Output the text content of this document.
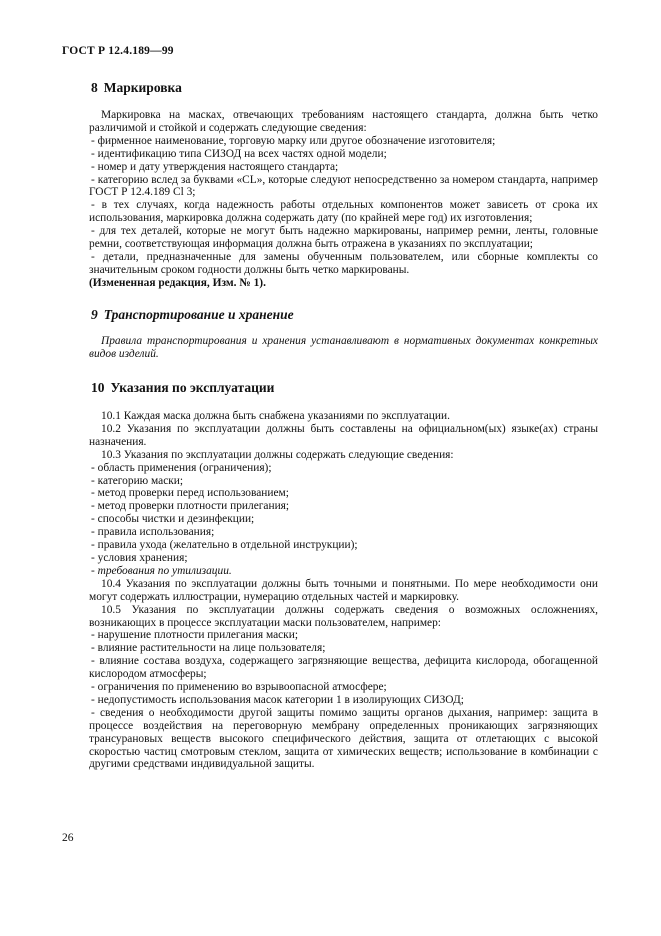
ГОСТ Р 12.4.189—99
8 Маркировка

Маркировка на масках, отвечающих требованиям настоящего стандарта, должна быть четко различимой и стойкой и содержать следующие сведения:

- фирменное наименование, торговую марку или другое обозначение изготовителя;

- идентификацию типа СИЗОД на всех частях одной модели;

- номер и дату утверждения настоящего стандарта;

- категорию вслед за буквами «CL», которые следуют непосредственно за номером стандарта, например ГОСТ Р 12.4.189 Cl 3;

- в тех случаях, когда надежность работы отдельных компонентов может зависеть от срока их использования, маркировка должна содержать дату (по крайней мере год) их изготовления;

- для тех деталей, которые не могут быть надежно маркированы, например ремни, ленты, головные ремни, соответствующая информация должна быть отражена в указаниях по эксплуатации;

- детали, предназначенные для замены обученным пользователем, или сборные комплекты со значительным сроком годности должны быть четко маркированы.

(Измененная редакция, Изм. № 1).

9 Транспортирование и хранение

Правила транспортирования и хранения устанавливают в нормативных документах конкретных видов изделий.

10 Указания по эксплуатации

10.1 Каждая маска должна быть снабжена указаниями по эксплуатации.

10.2 Указания по эксплуатации должны быть составлены на официальном(ых) языке(ах) страны назначения.

10.3 Указания по эксплуатации должны содержать следующие сведения:

- область применения (ограничения);

- категорию маски;

- метод проверки перед использованием;

- метод проверки плотности прилегания;

- способы чистки и дезинфекции;

- правила использования;

- правила ухода (желательно в отдельной инструкции);

- условия хранения;

- требования по утилизации.

10.4 Указания по эксплуатации должны быть точными и понятными. По мере необходимости они могут содержать иллюстрации, нумерацию отдельных частей и маркировку.

10.5 Указания по эксплуатации должны содержать сведения о возможных осложнениях, возникающих в процессе эксплуатации маски пользователем, например:

- нарушение плотности прилегания маски;

- влияние растительности на лице пользователя;

- влияние состава воздуха, содержащего загрязняющие вещества, дефицита кислорода, обогащенной кислородом атмосферы;

- ограничения по применению во взрывоопасной атмосфере;

- недопустимость использования масок категории 1 в изолирующих СИЗОД;

- сведения о необходимости другой защиты помимо защиты органов дыхания, например: защита в процессе воздействия на переговорную мембрану определенных проникающих загрязняющих трансурановых веществ высокого специфического действия, защита от отлетающих с высокой скоростью частиц смотровым стеклом, защита от химических веществ; использование в комбинации с другими средствами индивидуальной защиты.

26
